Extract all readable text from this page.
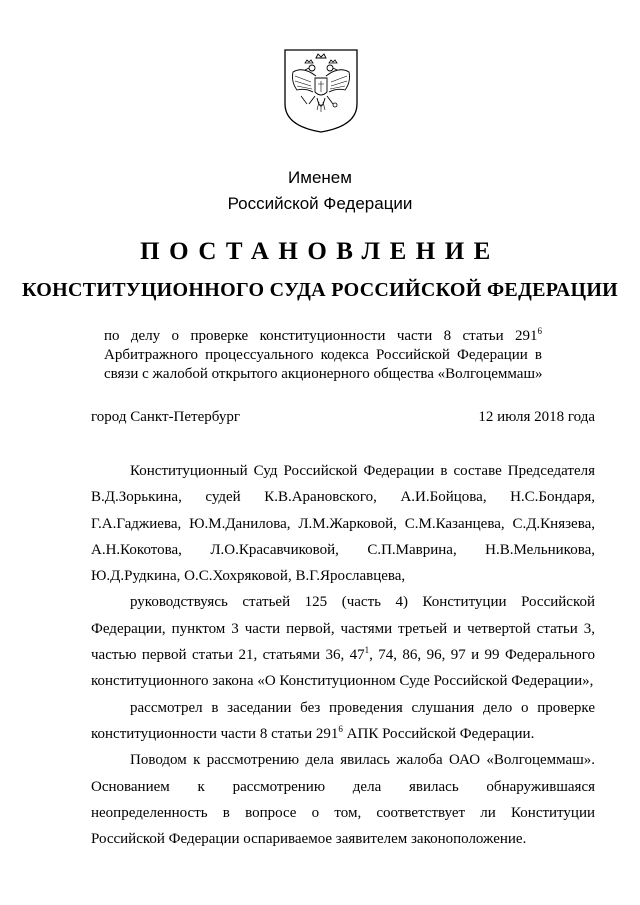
Именем
Российской Федерации
ПОСТАНОВЛЕНИЕ
КОНСТИТУЦИОННОГО СУДА РОССИЙСКОЙ ФЕДЕРАЦИИ
по делу о проверке конституционности части 8 статьи $291^6$
Арбитражного процессуального кодекса Российской Федерации в
связи с жалобой открытого акционерного общества «Волгоцеммаш»
город Санкт-Петербург	12 июля 2018 года
Конституционный Суд Российской Федерации в составе Председателя
В.Д.Зорькина, судей К.В.Арановского, А.И.Бойцова, Н.С.Бондаря,
Г.А.Гаджиева, Ю.М.Данилова, Л.М.Жарковой, С.М.Казанцева, С.Д.Князева,
А.Н.Кокотова, Л.О.Красавчиковой, С.П.Маврина, Н.В.Мельникова,
Ю.Д.Рудкина, О.С.Хохряковой, В.Г.Ярославцева,
руководствуясь статьей 125 (часть 4) Конституции Российской
Федерации, пунктом 3 части первой, частями третьей и четвертой статьи 3,
частью первой статьи 21, статьями 36, $47^1$, 74, 86, 96, 97 и 99 Федерального
конституционного закона «О Конституционном Суде Российской Федерации»,
рассмотрел в заседании без проведения слушания дело о проверке
конституционности части 8 статьи $291^6$ АПК Российской Федерации.
Поводом к рассмотрению дела явилась жалоба ОАО «Волгоцеммаш».
Основанием к рассмотрению дела явилась обнаружившаяся
неопределенность в вопросе о том, соответствует ли Конституции
Российской Федерации оспариваемое заявителем законоположение.
